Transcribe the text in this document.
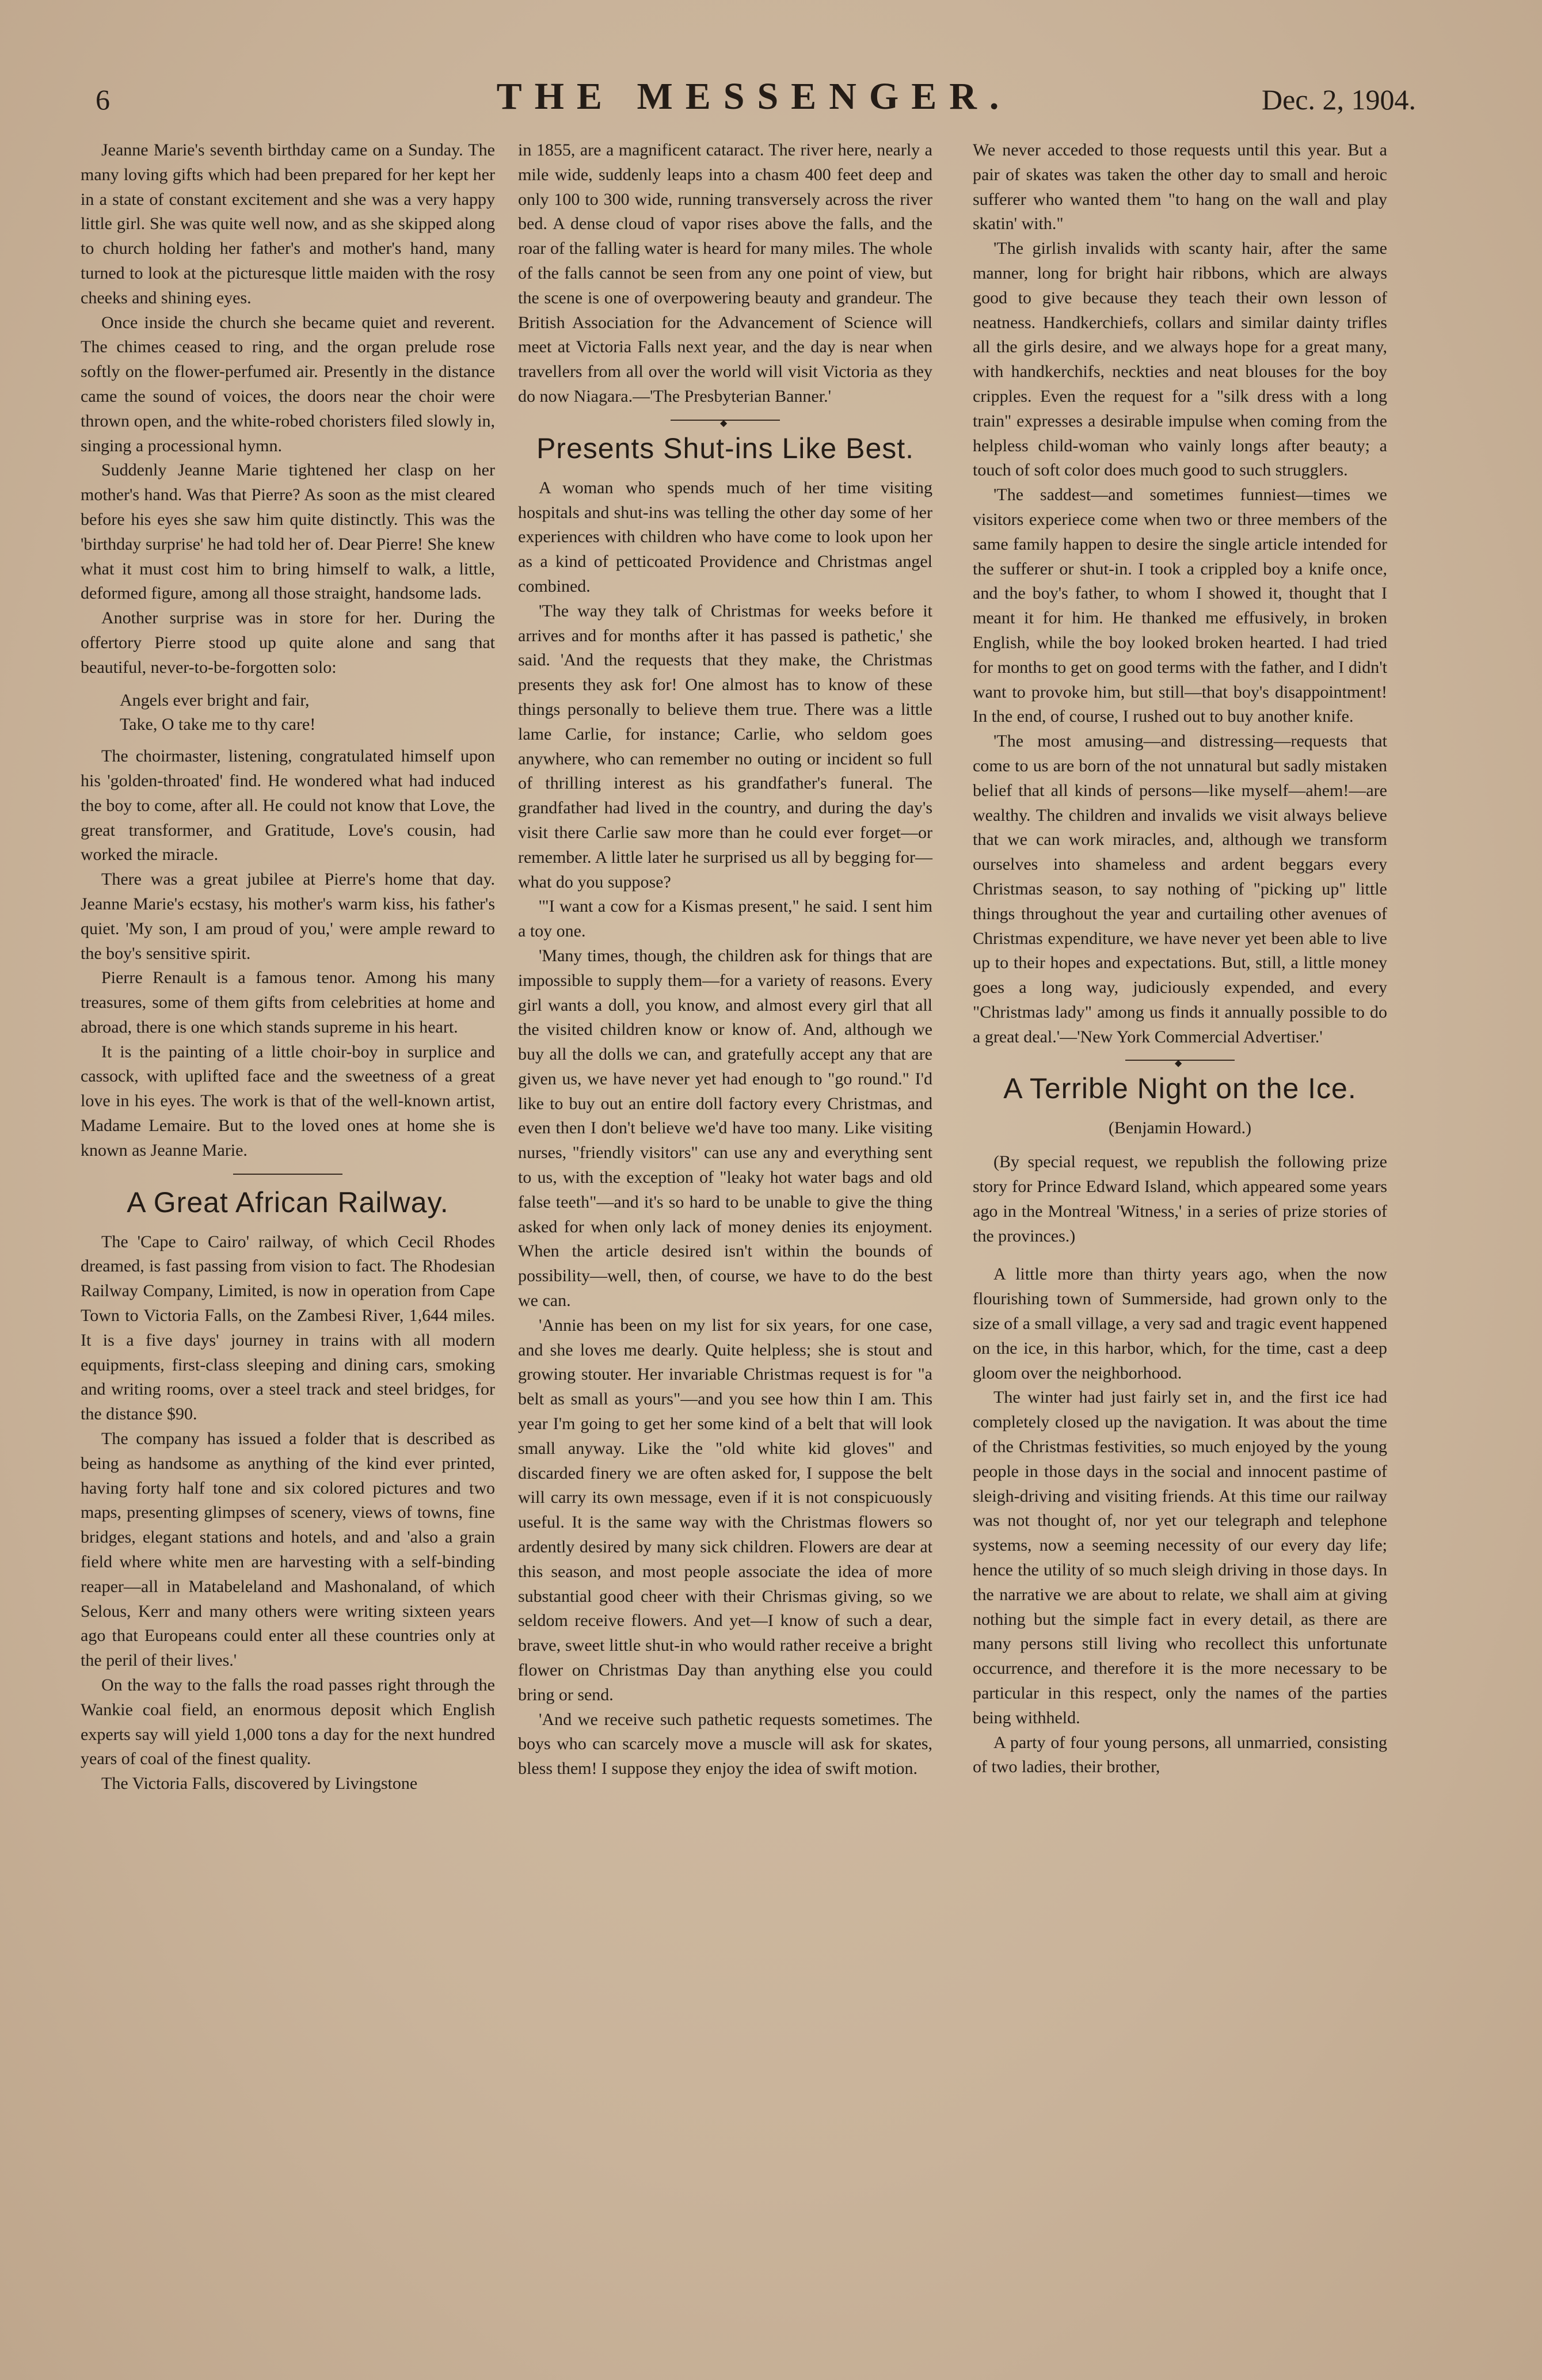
6	THE MESSENGER.	Dec. 2, 1904.

Jeanne Marie's seventh birthday came on a Sunday. The many loving gifts which had been prepared for her kept her in a state of constant excitement and she was a very happy little girl. She was quite well now, and as she skipped along to church holding her father's and mother's hand, many turned to look at the picturesque little maiden with the rosy cheeks and shining eyes.

Once inside the church she became quiet and reverent. The chimes ceased to ring, and the organ prelude rose softly on the flower-perfumed air. Presently in the distance came the sound of voices, the doors near the choir were thrown open, and the white-robed choristers filed slowly in, singing a processional hymn.

Suddenly Jeanne Marie tightened her clasp on her mother's hand. Was that Pierre? As soon as the mist cleared before his eyes she saw him quite distinctly. This was the 'birthday surprise' he had told her of. Dear Pierre! She knew what it must cost him to bring himself to walk, a little, deformed figure, among all those straight, handsome lads.

Another surprise was in store for her. During the offertory Pierre stood up quite alone and sang that beautiful, never-to-be-forgotten solo:

Angels ever bright and fair,
Take, O take me to thy care!

The choirmaster, listening, congratulated himself upon his 'golden-throated' find. He wondered what had induced the boy to come, after all. He could not know that Love, the great transformer, and Gratitude, Love's cousin, had worked the miracle.

There was a great jubilee at Pierre's home that day. Jeanne Marie's ecstasy, his mother's warm kiss, his father's quiet. 'My son, I am proud of you,' were ample reward to the boy's sensitive spirit.

Pierre Renault is a famous tenor. Among his many treasures, some of them gifts from celebrities at home and abroad, there is one which stands supreme in his heart.

It is the painting of a little choir-boy in surplice and cassock, with uplifted face and the sweetness of a great love in his eyes. The work is that of the well-known artist, Madame Lemaire. But to the loved ones at home she is known as Jeanne Marie.

A Great African Railway.

The 'Cape to Cairo' railway, of which Cecil Rhodes dreamed, is fast passing from vision to fact. The Rhodesian Railway Company, Limited, is now in operation from Cape Town to Victoria Falls, on the Zambesi River, 1,644 miles. It is a five days' journey in trains with all modern equipments, first-class sleeping and dining cars, smoking and writing rooms, over a steel track and steel bridges, for the distance $90.

The company has issued a folder that is described as being as handsome as anything of the kind ever printed, having forty half tone and six colored pictures and two maps, presenting glimpses of scenery, views of towns, fine bridges, elegant stations and hotels, and and 'also a grain field where white men are harvesting with a self-binding reaper—all in Matabeleland and Mashonaland, of which Selous, Kerr and many others were writing sixteen years ago that Europeans could enter all these countries only at the peril of their lives.'

On the way to the falls the road passes right through the Wankie coal field, an enormous deposit which English experts say will yield 1,000 tons a day for the next hundred years of coal of the finest quality.

The Victoria Falls, discovered by Livingstone

in 1855, are a magnificent cataract. The river here, nearly a mile wide, suddenly leaps into a chasm 400 feet deep and only 100 to 300 wide, running transversely across the river bed. A dense cloud of vapor rises above the falls, and the roar of the falling water is heard for many miles. The whole of the falls cannot be seen from any one point of view, but the scene is one of overpowering beauty and grandeur. The British Association for the Advancement of Science will meet at Victoria Falls next year, and the day is near when travellers from all over the world will visit Victoria as they do now Niagara.—'The Presbyterian Banner.'

◆
Presents Shut-ins Like Best.

A woman who spends much of her time visiting hospitals and shut-ins was telling the other day some of her experiences with children who have come to look upon her as a kind of petticoated Providence and Christmas angel combined.

'The way they talk of Christmas for weeks before it arrives and for months after it has passed is pathetic,' she said. 'And the requests that they make, the Christmas presents they ask for! One almost has to know of these things personally to believe them true. There was a little lame Carlie, for instance; Carlie, who seldom goes anywhere, who can remember no outing or incident so full of thrilling interest as his grandfather's funeral. The grandfather had lived in the country, and during the day's visit there Carlie saw more than he could ever forget—or remember. A little later he surprised us all by begging for—what do you suppose?

'"I want a cow for a Kismas present," he said. I sent him a toy one.

'Many times, though, the children ask for things that are impossible to supply them—for a variety of reasons. Every girl wants a doll, you know, and almost every girl that all the visited children know or know of. And, although we buy all the dolls we can, and gratefully accept any that are given us, we have never yet had enough to "go round." I'd like to buy out an entire doll factory every Christmas, and even then I don't believe we'd have too many. Like visiting nurses, "friendly visitors" can use any and everything sent to us, with the exception of "leaky hot water bags and old false teeth"—and it's so hard to be unable to give the thing asked for when only lack of money denies its enjoyment. When the article desired isn't within the bounds of possibility—well, then, of course, we have to do the best we can.

'Annie has been on my list for six years, for one case, and she loves me dearly. Quite helpless; she is stout and growing stouter. Her invariable Christmas request is for "a belt as small as yours"—and you see how thin I am. This year I'm going to get her some kind of a belt that will look small anyway. Like the "old white kid gloves" and discarded finery we are often asked for, I suppose the belt will carry its own message, even if it is not conspicuously useful. It is the same way with the Christmas flowers so ardently desired by many sick children. Flowers are dear at this season, and most people associate the idea of more substantial good cheer with their Chrismas giving, so we seldom receive flowers. And yet—I know of such a dear, brave, sweet little shut-in who would rather receive a bright flower on Christmas Day than anything else you could bring or send.

'And we receive such pathetic requests sometimes. The boys who can scarcely move a muscle will ask for skates, bless them! I suppose they enjoy the idea of swift motion.

We never acceded to those requests until this year. But a pair of skates was taken the other day to small and heroic sufferer who wanted them "to hang on the wall and play skatin' with."

'The girlish invalids with scanty hair, after the same manner, long for bright hair ribbons, which are always good to give because they teach their own lesson of neatness. Handkerchiefs, collars and similar dainty trifles all the girls desire, and we always hope for a great many, with handkerchifs, neckties and neat blouses for the boy cripples. Even the request for a "silk dress with a long train" expresses a desirable impulse when coming from the helpless child-woman who vainly longs after beauty; a touch of soft color does much good to such strugglers.

'The saddest—and sometimes funniest—times we visitors experiece come when two or three members of the same family happen to desire the single article intended for the sufferer or shut-in. I took a crippled boy a knife once, and the boy's father, to whom I showed it, thought that I meant it for him. He thanked me effusively, in broken English, while the boy looked broken hearted. I had tried for months to get on good terms with the father, and I didn't want to provoke him, but still—that boy's disappointment! In the end, of course, I rushed out to buy another knife.

'The most amusing—and distressing—requests that come to us are born of the not unnatural but sadly mistaken belief that all kinds of persons—like myself—ahem!—are wealthy. The children and invalids we visit always believe that we can work miracles, and, although we transform ourselves into shameless and ardent beggars every Christmas season, to say nothing of "picking up" little things throughout the year and curtailing other avenues of Christmas expenditure, we have never yet been able to live up to their hopes and expectations. But, still, a little money goes a long way, judiciously expended, and every "Christmas lady" among us finds it annually possible to do a great deal.'—'New York Commercial Advertiser.'

◆
A Terrible Night on the Ice.

(Benjamin Howard.)

(By special request, we republish the following prize story for Prince Edward Island, which appeared some years ago in the Montreal 'Witness,' in a series of prize stories of the provinces.)

A little more than thirty years ago, when the now flourishing town of Summerside, had grown only to the size of a small village, a very sad and tragic event happened on the ice, in this harbor, which, for the time, cast a deep gloom over the neighborhood.

The winter had just fairly set in, and the first ice had completely closed up the navigation. It was about the time of the Christmas festivities, so much enjoyed by the young people in those days in the social and innocent pastime of sleigh-driving and visiting friends. At this time our railway was not thought of, nor yet our telegraph and telephone systems, now a seeming necessity of our every day life; hence the utility of so much sleigh driving in those days. In the narrative we are about to relate, we shall aim at giving nothing but the simple fact in every detail, as there are many persons still living who recollect this unfortunate occurrence, and therefore it is the more necessary to be particular in this respect, only the names of the parties being withheld.

A party of four young persons, all unmarried, consisting of two ladies, their brother,
